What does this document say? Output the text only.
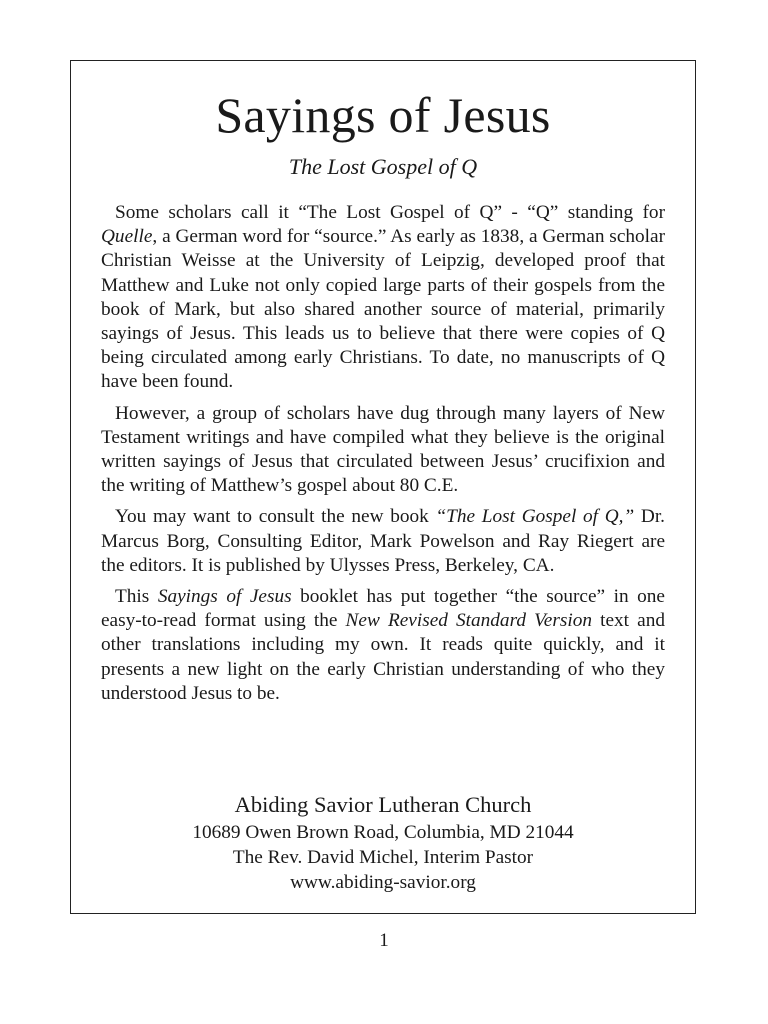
Sayings of Jesus
The Lost Gospel of Q

Some scholars call it “The Lost Gospel of Q” - “Q” standing for Quelle, a German word for “source.” As early as 1838, a German scholar Christian Weisse at the University of Leipzig, developed proof that Matthew and Luke not only copied large parts of their gospels from the book of Mark, but also shared another source of material, primarily sayings of Jesus. This leads us to believe that there were copies of Q being circulated among early Christians. To date, no manuscripts of Q have been found.

However, a group of scholars have dug through many layers of New Testament writings and have compiled what they believe is the original written sayings of Jesus that circulated between Jesus’ crucifixion and the writing of Matthew’s gospel about 80 C.E.

You may want to consult the new book “The Lost Gospel of Q,” Dr. Marcus Borg, Consulting Editor, Mark Powelson and Ray Riegert are the editors. It is published by Ulysses Press, Berkeley, CA.

This Sayings of Jesus booklet has put together “the source” in one easy-to-read format using the New Revised Standard Version text and other translations including my own. It reads quite quickly, and it presents a new light on the early Christian understanding of who they understood Jesus to be.

Abiding Savior Lutheran Church
10689 Owen Brown Road, Columbia, MD 21044
The Rev. David Michel, Interim Pastor
www.abiding-savior.org
1
